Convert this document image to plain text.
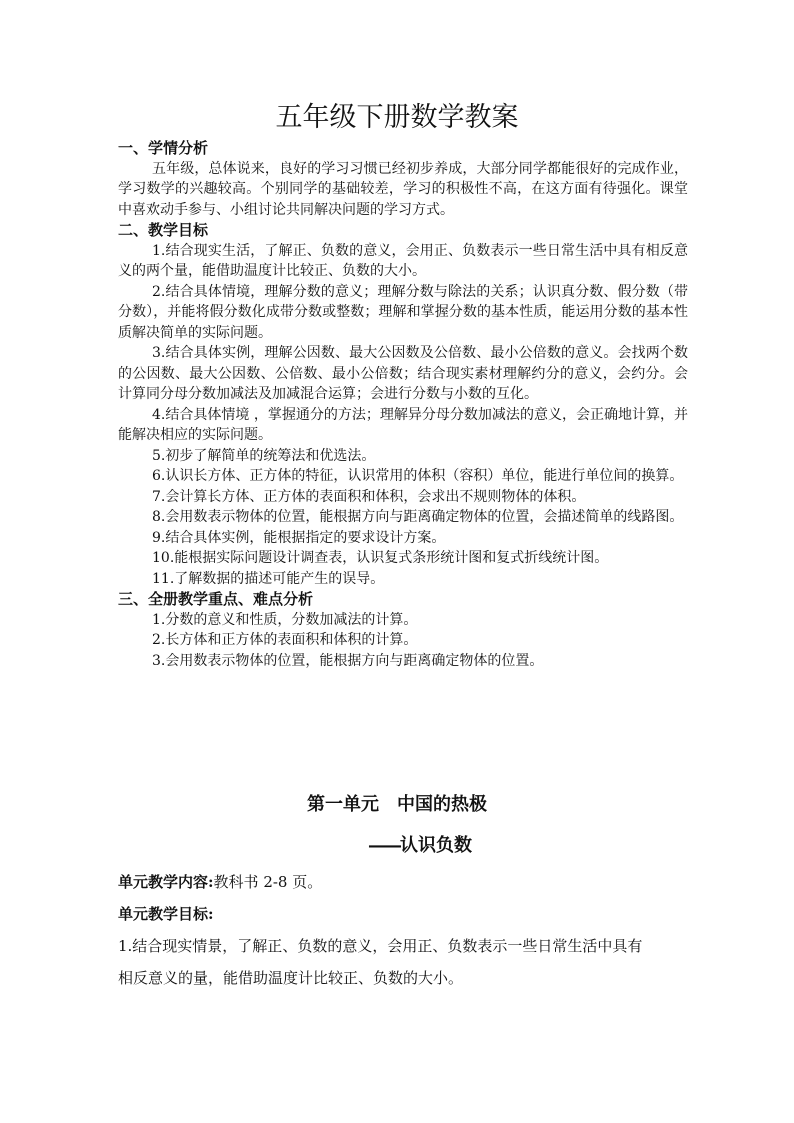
五年级下册数学教案
一、学情分析
五年级，总体说来，良好的学习习惯已经初步养成，大部分同学都能很好的完成作业，学习数学的兴趣较高。个别同学的基础较差，学习的积极性不高，在这方面有待强化。课堂中喜欢动手参与、小组讨论共同解决问题的学习方式。
二、教学目标
1.结合现实生活，了解正、负数的意义，会用正、负数表示一些日常生活中具有相反意义的两个量，能借助温度计比较正、负数的大小。
2.结合具体情境，理解分数的意义；理解分数与除法的关系；认识真分数、假分数（带分数），并能将假分数化成带分数或整数；理解和掌握分数的基本性质，能运用分数的基本性质解决简单的实际问题。
3.结合具体实例，理解公因数、最大公因数及公倍数、最小公倍数的意义。会找两个数的公因数、最大公因数、公倍数、最小公倍数；结合现实素材理解约分的意义，会约分。会计算同分母分数加减法及加减混合运算；会进行分数与小数的互化。
4.结合具体情境 ，掌握通分的方法；理解异分母分数加减法的意义，会正确地计算，并能解决相应的实际问题。
5.初步了解简单的统筹法和优选法。
6.认识长方体、正方体的特征，认识常用的体积（容积）单位，能进行单位间的换算。
7.会计算长方体、正方体的表面积和体积，会求出不规则物体的体积。
8.会用数表示物体的位置，能根据方向与距离确定物体的位置，会描述简单的线路图。
9.结合具体实例，能根据指定的要求设计方案。
10.能根据实际问题设计调查表，认识复式条形统计图和复式折线统计图。
11.了解数据的描述可能产生的误导。
三、全册教学重点、难点分析
1.分数的意义和性质，分数加减法的计算。
2.长方体和正方体的表面积和体积的计算。
3.会用数表示物体的位置，能根据方向与距离确定物体的位置。
第一单元　中国的热极
——认识负数
单元教学内容:教科书 2-8 页。
单元教学目标:
1.结合现实情景，了解正、负数的意义，会用正、负数表示一些日常生活中具有
相反意义的量，能借助温度计比较正、负数的大小。
